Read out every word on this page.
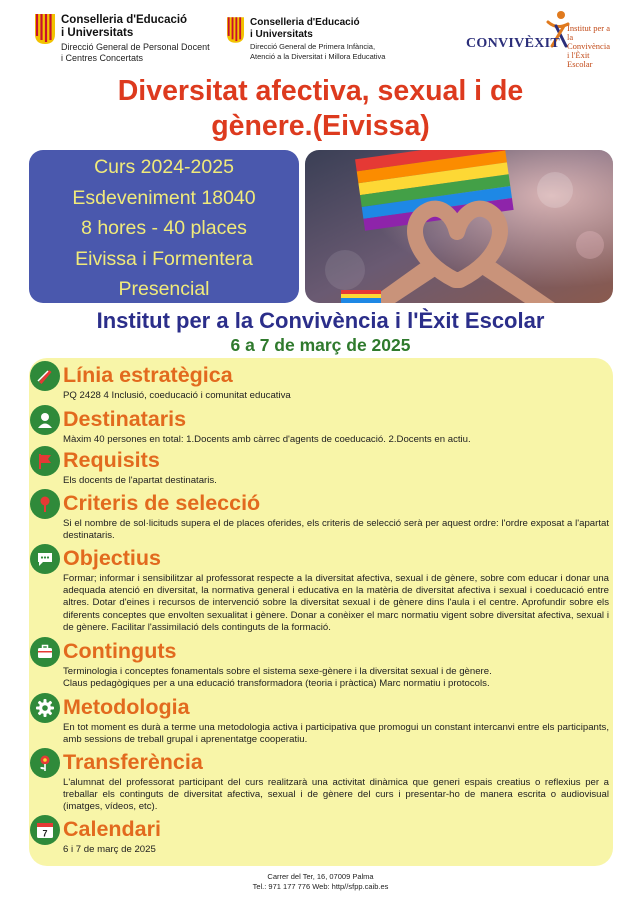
Conselleria d'Educació
i Universitats
Direcció General de Personal Docent
i Centres Concertats
Conselleria d'Educació
i Universitats
Direcció General de Primera Infància,
Atenció a la Diversitat i Millora Educativa
CONVIVÈXIT
Institut per a
la Convivència
i l'Èxit Escolar
Diversitat afectiva, sexual i de
gènere.(Eivissa)
Curs 2024-2025
Esdeveniment 18040
8 hores - 40 places
Eivissa i Formentera
Presencial
Institut per a la Convivència i l'Èxit Escolar
6 a 7 de març de 2025
Línia estratègica
PQ 2428 4 Inclusió, coeducació i comunitat educativa
Destinataris
Màxim 40 persones en total: 1.Docents amb càrrec d'agents de coeducació. 2.Docents en actiu.
Requisits
Els docents de l'apartat destinataris.
Criteris de selecció
Si el nombre de sol·licituds supera el de places oferides, els criteris de selecció serà per aquest ordre: l'ordre exposat a l'apartat destinataris.
Objectius
Formar; informar i sensibilitzar al professorat respecte a la diversitat afectiva, sexual i de gènere, sobre com educar i donar una adequada atenció en diversitat, la normativa general i educativa en la matèria de diversitat afectiva i sexual i coeducació entre altres. Dotar d'eines i recursos de intervenció sobre la diversitat sexual i de gènere dins l'aula i el centre. Aprofundir sobre els diferents conceptes que envolten sexualitat i gènere. Donar a conèixer el marc normatiu vigent sobre diversitat afectiva, sexual i de gènere. Facilitar l'assimilació dels continguts de la formació.
Continguts
Terminologia i conceptes fonamentals sobre el sistema sexe-gènere i la diversitat sexual i de gènere.
Claus pedagògiques per a una educació transformadora (teoria i pràctica) Marc normatiu i protocols.
Metodologia
En tot moment es durà a terme una metodologia activa i participativa que promogui un constant intercanvi entre els participants, amb sessions de treball grupal i aprenentatge cooperatiu.
Transferència
L'alumnat del professorat participant del curs realitzarà una activitat dinàmica que generi espais creatius o reflexius per a treballar els continguts de diversitat afectiva, sexual i de gènere del curs i presentar-ho de manera escrita o audiovisual (imatges, vídeos, etc).
7 Calendari
6 i 7 de març de 2025
Carrer del Ter, 16, 07009 Palma
Tel.: 971 177 776 Web: http//sfpp.caib.es
